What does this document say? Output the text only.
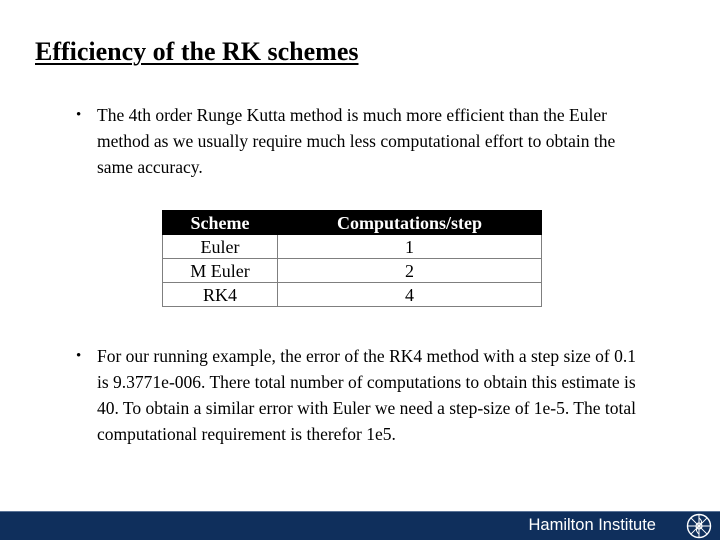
Efficiency of the RK schemes
• The 4th order Runge Kutta method is much more efficient than the Euler method as we usually require much less computational effort to obtain the same accuracy.
Scheme	Computations/step
Euler	1
M Euler	2
RK4	4
• For our running example, the error of the RK4 method with a step size of 0.1 is 9.3771e-006. There total number of computations to obtain this estimate is 40. To obtain a similar error with Euler we need a step-size of 1e-5. The total computational requirement is therefor 1e5.
Hamilton Institute
